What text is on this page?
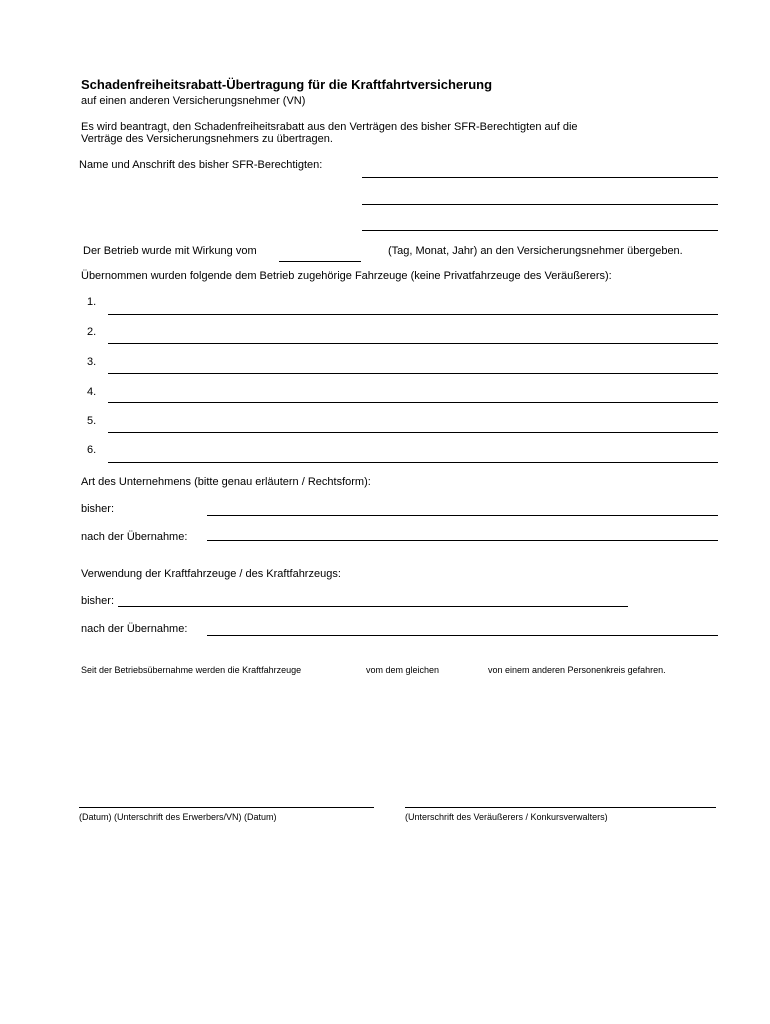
Schadenfreiheitsrabatt-Übertragung für die Kraftfahrtversicherung
auf einen anderen Versicherungsnehmer (VN)
Es wird beantragt, den Schadenfreiheitsrabatt aus den Verträgen des bisher SFR-Berechtigten auf die
Verträge des Versicherungsnehmers zu übertragen.
Name und Anschrift des bisher SFR-Berechtigten:
Der Betrieb wurde mit Wirkung vom	(Tag, Monat, Jahr) an den Versicherungsnehmer übergeben.
Übernommen wurden folgende dem Betrieb zugehörige Fahrzeuge (keine Privatfahrzeuge des Veräußerers):
1.
2.
3.
4.
5.
6.
Art des Unternehmens (bitte genau erläutern / Rechtsform):
bisher:
nach der Übernahme:
Verwendung der Kraftfahrzeuge / des Kraftfahrzeugs:
bisher:
nach der Übernahme:
Seit der Betriebsübernahme werden die Kraftfahrzeuge	vom dem gleichen	von einem anderen Personenkreis gefahren.
(Datum) (Unterschrift des Erwerbers/VN) (Datum)	(Unterschrift des Veräußerers / Konkursverwalters)
